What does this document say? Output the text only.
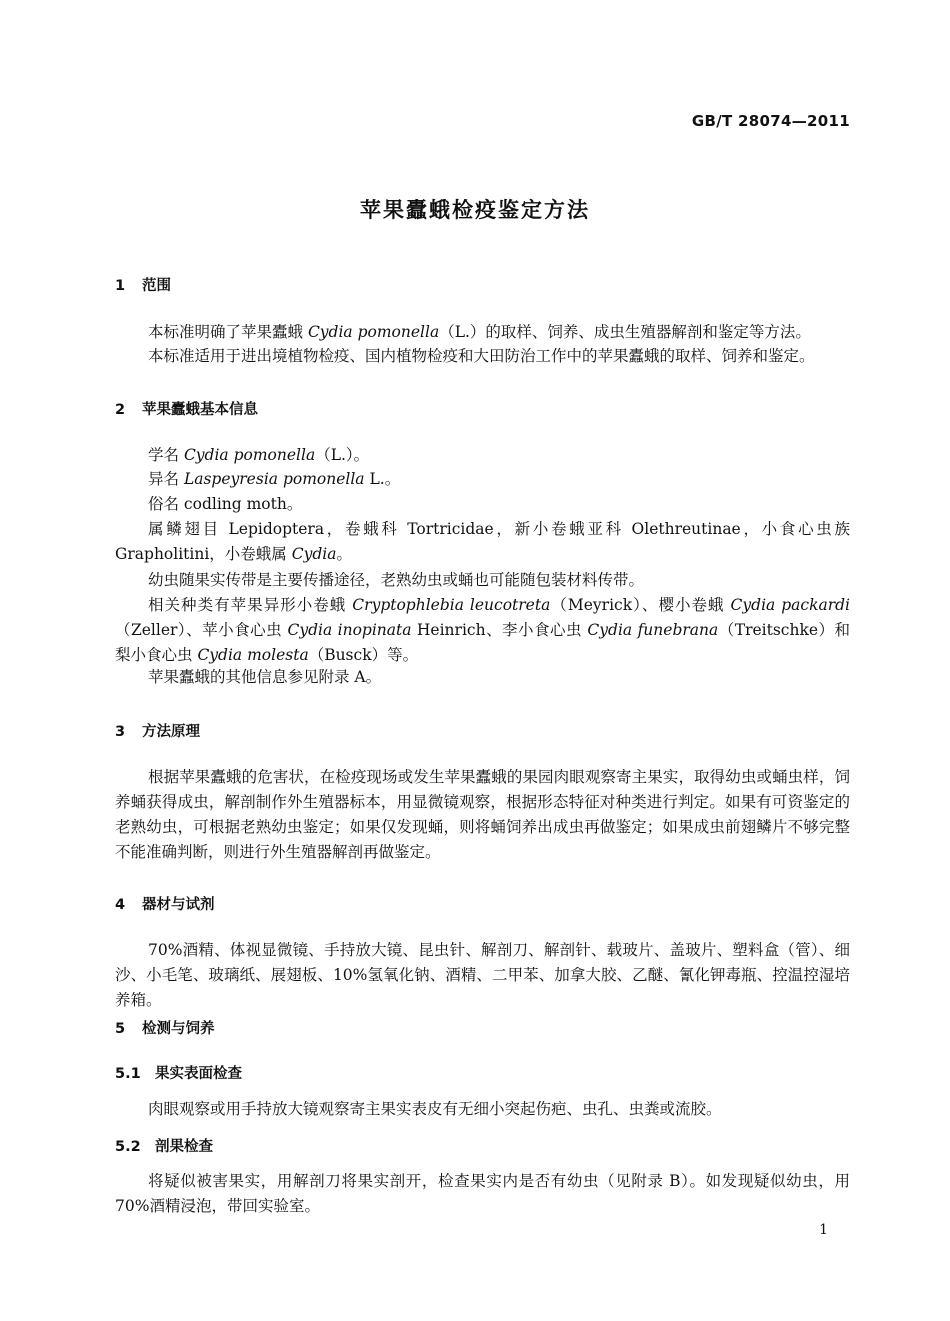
GB/T 28074—2011
苹果蠹蛾检疫鉴定方法
1 范围
本标准明确了苹果蠹蛾 Cydia pomonella（L.）的取样、饲养、成虫生殖器解剖和鉴定等方法。
本标准适用于进出境植物检疫、国内植物检疫和大田防治工作中的苹果蠹蛾的取样、饲养和鉴定。
2 苹果蠹蛾基本信息
学名 Cydia pomonella（L.）。
异名 Laspeyresia pomonella L.。
俗名 codling moth。
属鳞翅目 Lepidoptera，卷蛾科 Tortricidae，新小卷蛾亚科 Olethreutinae，小食心虫族 Grapholitini，小卷蛾属 Cydia。
幼虫随果实传带是主要传播途径，老熟幼虫或蛹也可能随包装材料传带。
相关种类有苹果异形小卷蛾 Cryptophlebia leucotreta（Meyrick）、樱小卷蛾 Cydia packardi（Zeller）、苹小食心虫 Cydia inopinata Heinrich、李小食心虫 Cydia funebrana（Treitschke）和梨小食心虫 Cydia molesta（Busck）等。
苹果蠹蛾的其他信息参见附录 A。
3 方法原理
根据苹果蠹蛾的危害状，在检疫现场或发生苹果蠹蛾的果园肉眼观察寄主果实，取得幼虫或蛹虫样，饲养蛹获得成虫，解剖制作外生殖器标本，用显微镜观察，根据形态特征对种类进行判定。如果有可资鉴定的老熟幼虫，可根据老熟幼虫鉴定；如果仅发现蛹，则将蛹饲养出成虫再做鉴定；如果成虫前翅鳞片不够完整不能准确判断，则进行外生殖器解剖再做鉴定。
4 器材与试剂
70%酒精、体视显微镜、手持放大镜、昆虫针、解剖刀、解剖针、载玻片、盖玻片、塑料盒（管）、细沙、小毛笔、玻璃纸、展翅板、10%氢氧化钠、酒精、二甲苯、加拿大胶、乙醚、氰化钾毒瓶、控温控湿培养箱。
5 检测与饲养
5.1 果实表面检查
肉眼观察或用手持放大镜观察寄主果实表皮有无细小突起伤疤、虫孔、虫粪或流胶。
5.2 剖果检查
将疑似被害果实，用解剖刀将果实剖开，检查果实内是否有幼虫（见附录 B）。如发现疑似幼虫，用70%酒精浸泡，带回实验室。
1
